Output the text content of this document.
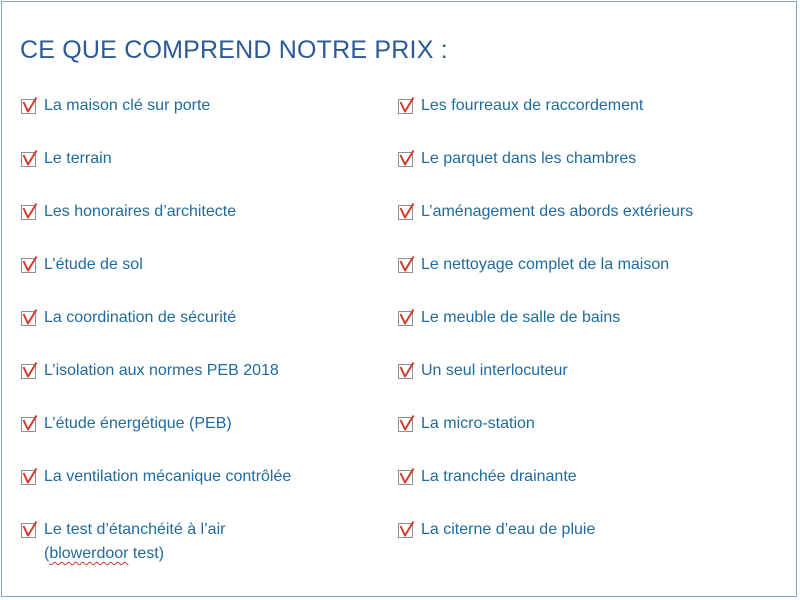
CE QUE COMPREND NOTRE PRIX :
La maison clé sur porte
Le terrain
Les honoraires d’architecte
L’étude de sol
La coordination de sécurité
L’isolation aux normes PEB 2018
L’étude énergétique (PEB)
La ventilation mécanique contrôlée
Le test d’étanchéité à l’air
(blowerdoor test)
Les fourreaux de raccordement
Le parquet dans les chambres
L’aménagement des abords extérieurs
Le nettoyage complet de la maison
Le meuble de salle de bains
Un seul interlocuteur
La micro-station
La tranchée drainante
La citerne d’eau de pluie
